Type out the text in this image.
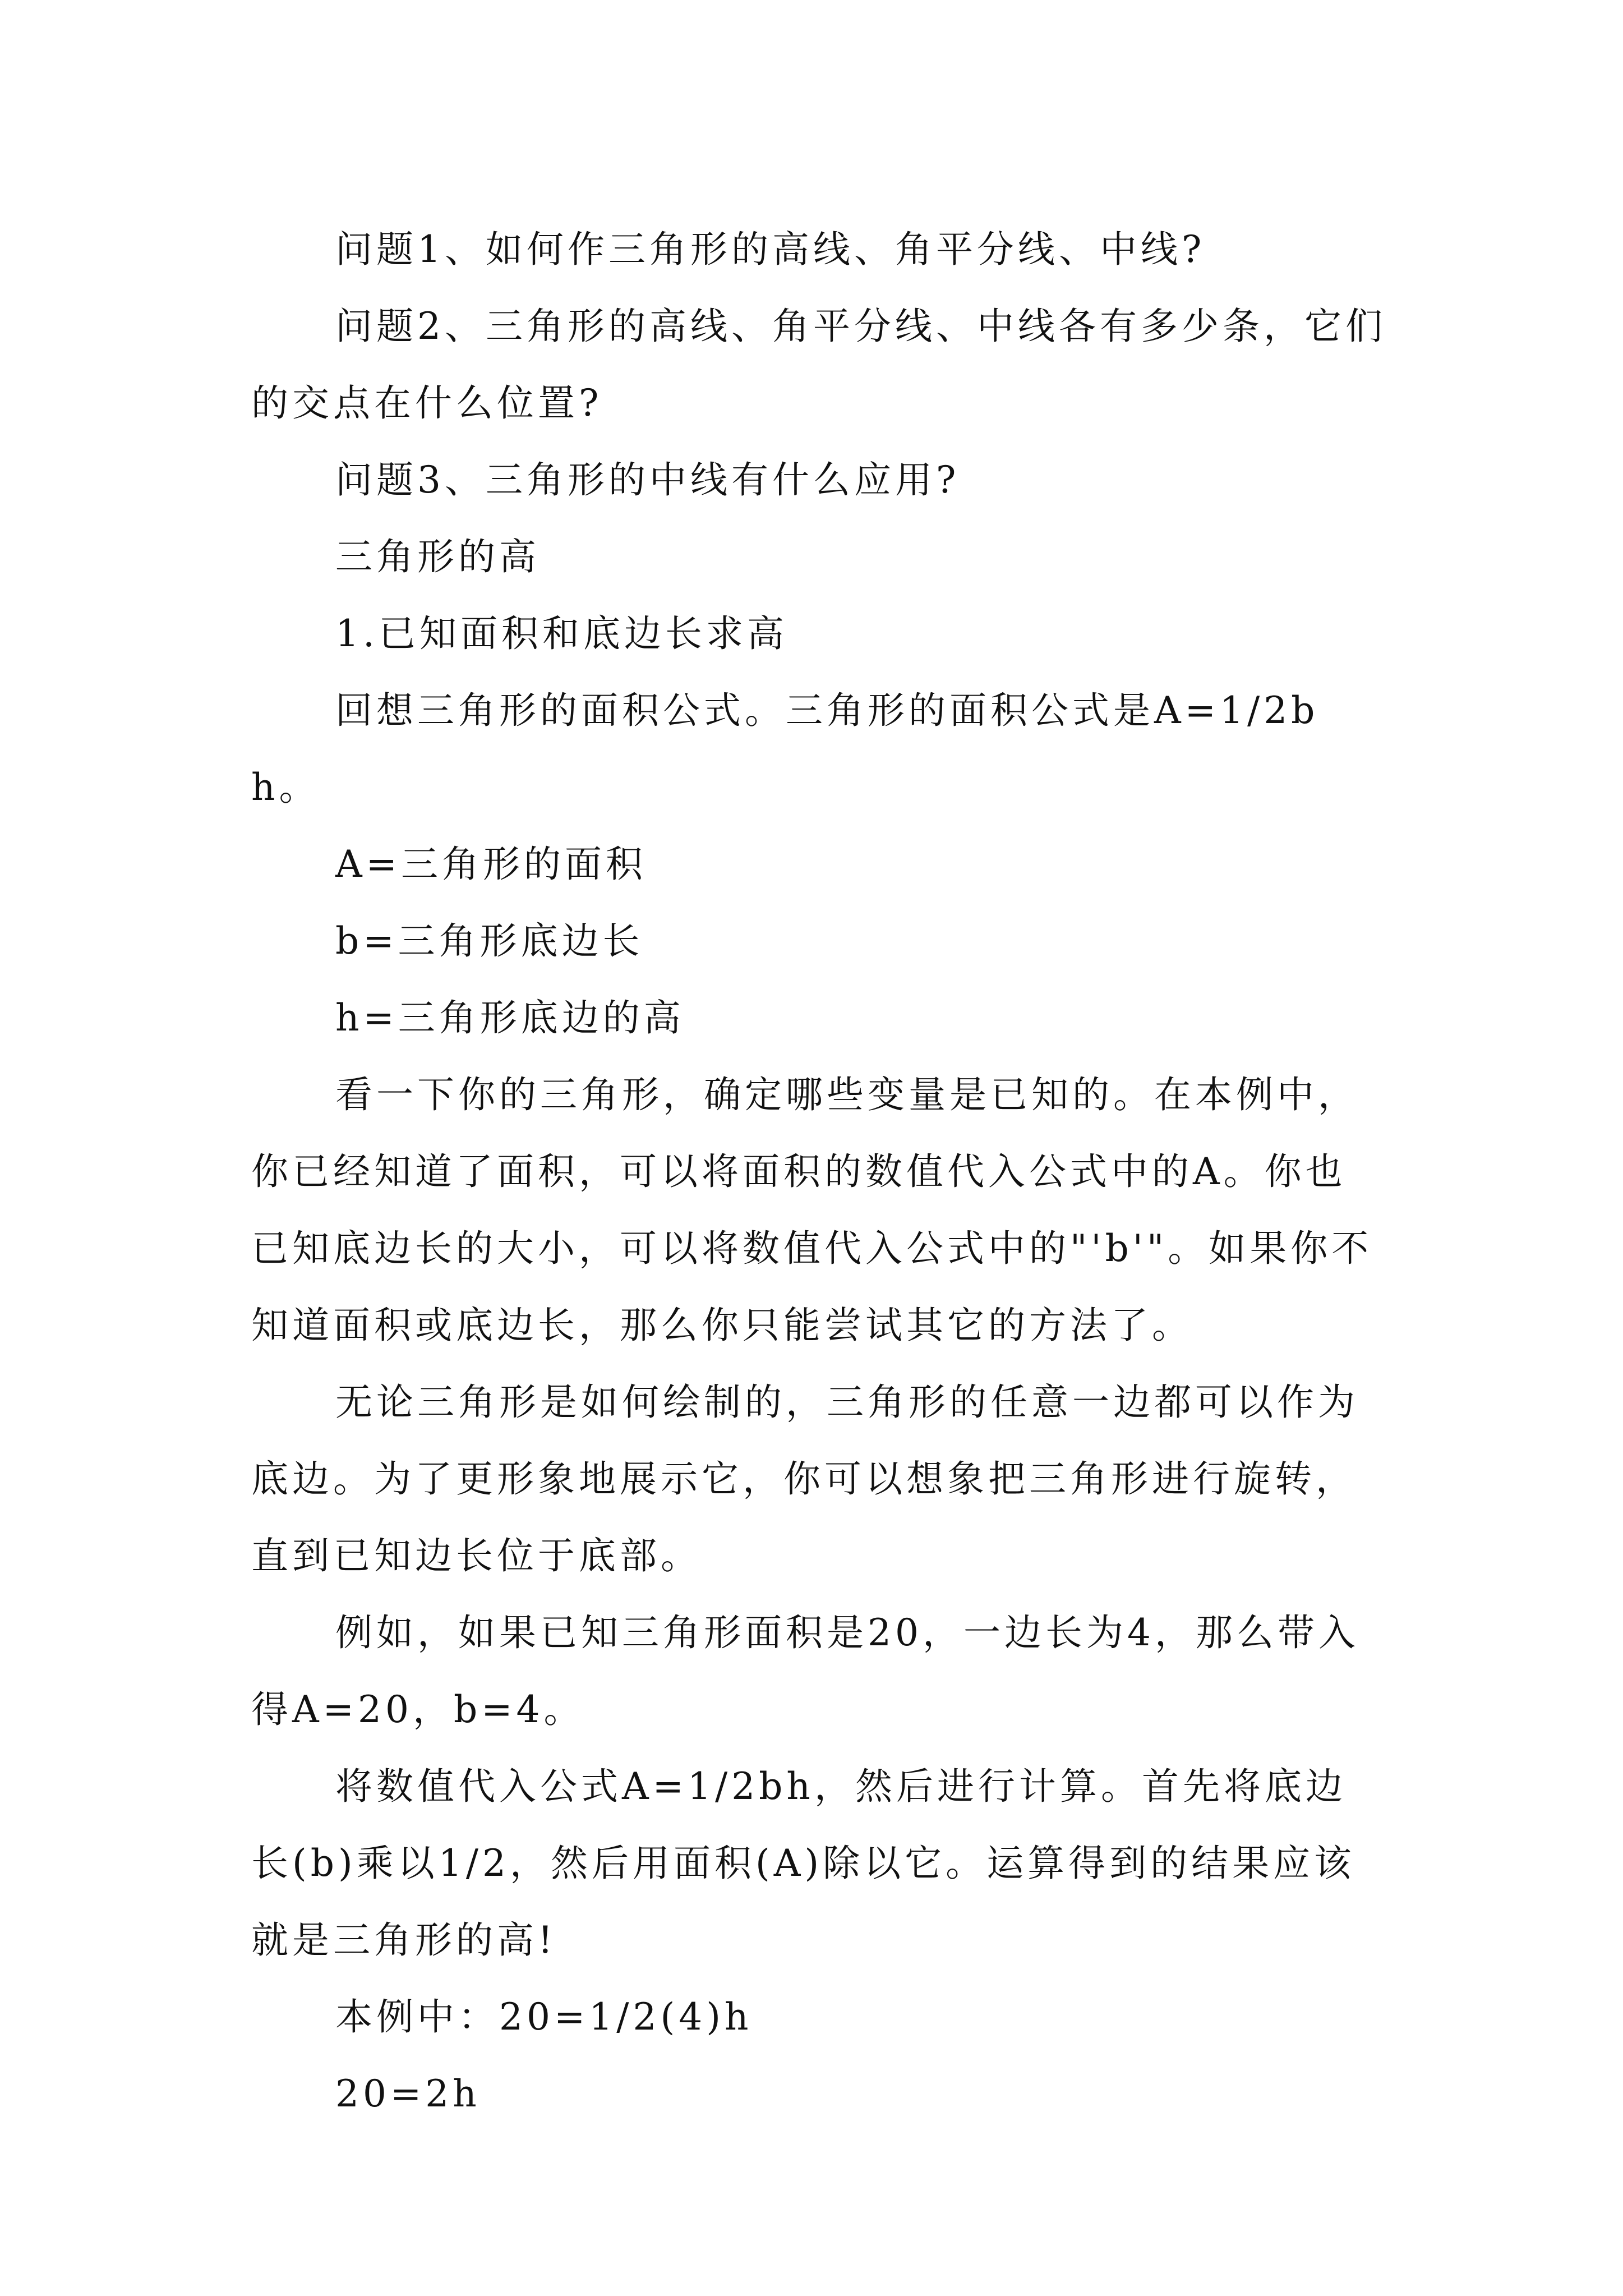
问题1、如何作三角形的高线、角平分线、中线?

问题2、三角形的高线、角平分线、中线各有多少条，它们的交点在什么位置?

问题3、三角形的中线有什么应用?

三角形的高

1.已知面积和底边长求高

回想三角形的面积公式。三角形的面积公式是A=1/2bh。

A=三角形的面积

b=三角形底边长

h=三角形底边的高

看一下你的三角形，确定哪些变量是已知的。在本例中，你已经知道了面积，可以将面积的数值代入公式中的A。你也已知底边长的大小，可以将数值代入公式中的"'b'"。如果你不知道面积或底边长，那么你只能尝试其它的方法了。

无论三角形是如何绘制的，三角形的任意一边都可以作为底边。为了更形象地展示它，你可以想象把三角形进行旋转，直到已知边长位于底部。

例如，如果已知三角形面积是20，一边长为4，那么带入得A=20，b=4。

将数值代入公式A=1/2bh，然后进行计算。首先将底边长(b)乘以1/2，然后用面积(A)除以它。运算得到的结果应该就是三角形的高!

本例中：20=1/2(4)h

20=2h
